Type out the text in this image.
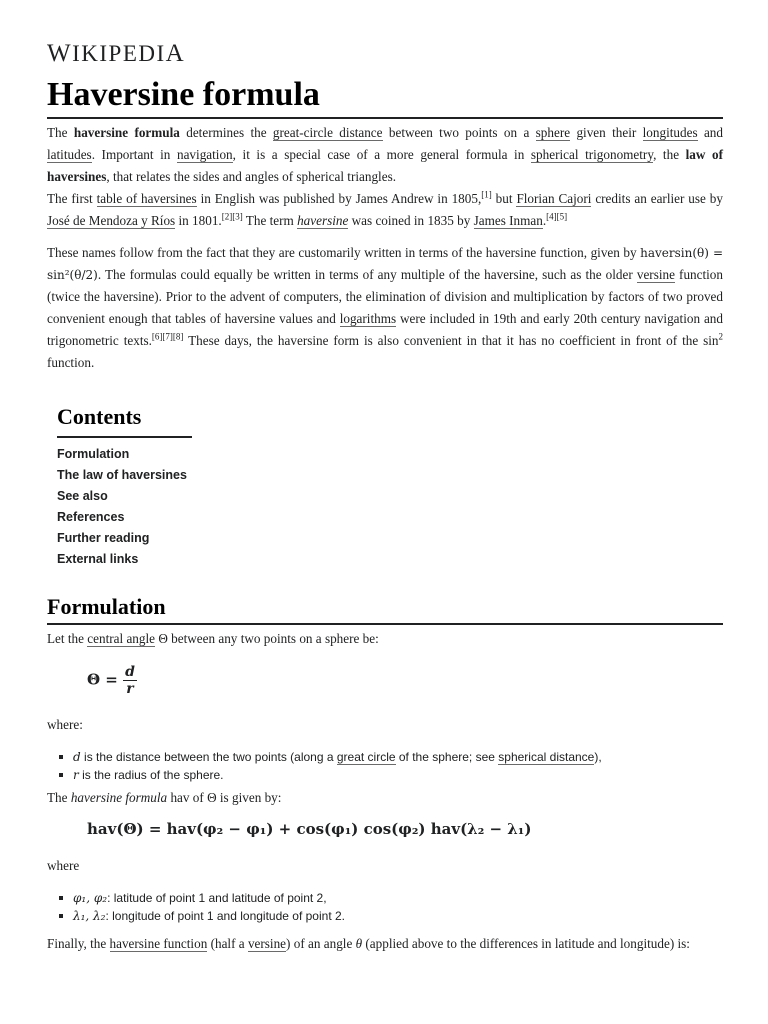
WIKIPEDIA
Haversine formula
The haversine formula determines the great-circle distance between two points on a sphere given their longitudes and latitudes. Important in navigation, it is a special case of a more general formula in spherical trigonometry, the law of haversines, that relates the sides and angles of spherical triangles.
The first table of haversines in English was published by James Andrew in 1805,[1] but Florian Cajori credits an earlier use by José de Mendoza y Ríos in 1801.[2][3] The term haversine was coined in 1835 by James Inman.[4][5]
These names follow from the fact that they are customarily written in terms of the haversine function, given by haversin(θ) = sin²(θ/2). The formulas could equally be written in terms of any multiple of the haversine, such as the older versine function (twice the haversine). Prior to the advent of computers, the elimination of division and multiplication by factors of two proved convenient enough that tables of haversine values and logarithms were included in 19th and early 20th century navigation and trigonometric texts.[6][7][8] These days, the haversine form is also convenient in that it has no coefficient in front of the $\sin^2$ function.
Contents
Formulation
The law of haversines
See also
References
Further reading
External links
Formulation
Let the central angle Θ between any two points on a sphere be:
$\Theta = \frac{d}{r}$
where:
d is the distance between the two points (along a great circle of the sphere; see spherical distance),
r is the radius of the sphere.
The haversine formula hav of Θ is given by:
hav(Θ) = hav(φ₂ − φ₁) + cos(φ₁) cos(φ₂) hav(λ₂ − λ₁)
where
φ₁, φ₂: latitude of point 1 and latitude of point 2,
λ₁, λ₂: longitude of point 1 and longitude of point 2.
Finally, the haversine function (half a versine) of an angle θ (applied above to the differences in latitude and longitude) is:
